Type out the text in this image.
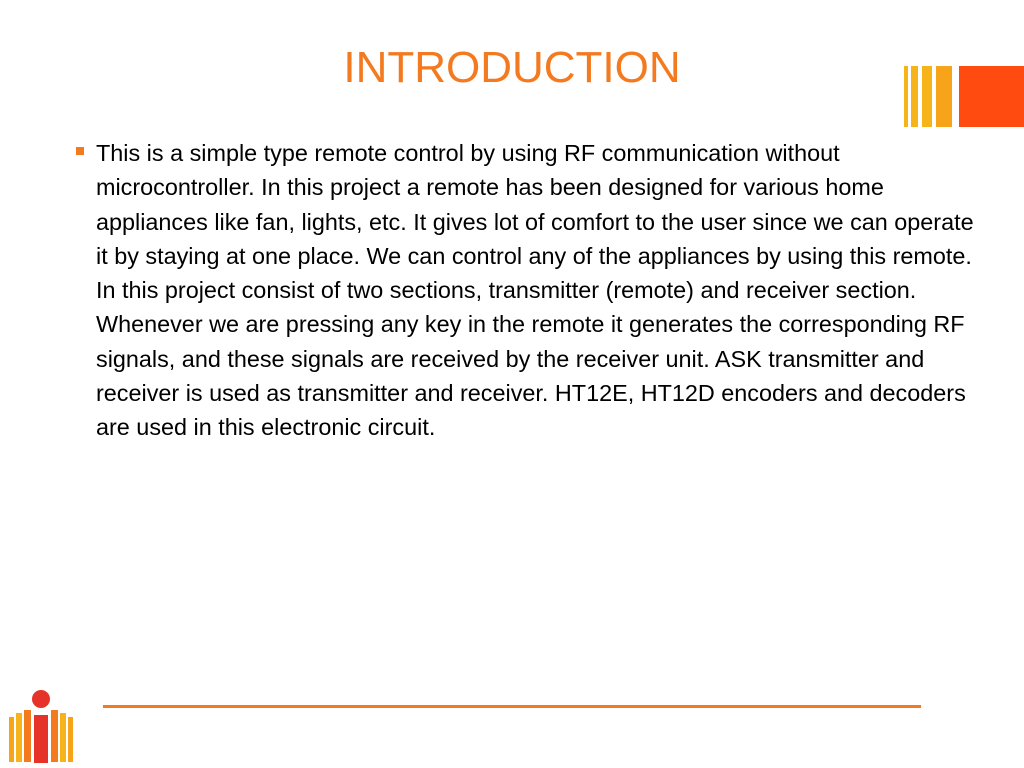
INTRODUCTION

This is a simple type remote control by using RF communication without microcontroller. In this project a remote has been designed for various home appliances like fan, lights, etc. It gives lot of comfort to the user since we can operate it by staying at one place. We can control any of the appliances by using this remote. In this project consist of two sections, transmitter (remote) and receiver section. Whenever we are pressing any key in the remote it generates the corresponding RF signals, and these signals are received by the receiver unit. ASK transmitter and receiver is used as transmitter and receiver. HT12E, HT12D encoders and decoders are used in this electronic circuit.
